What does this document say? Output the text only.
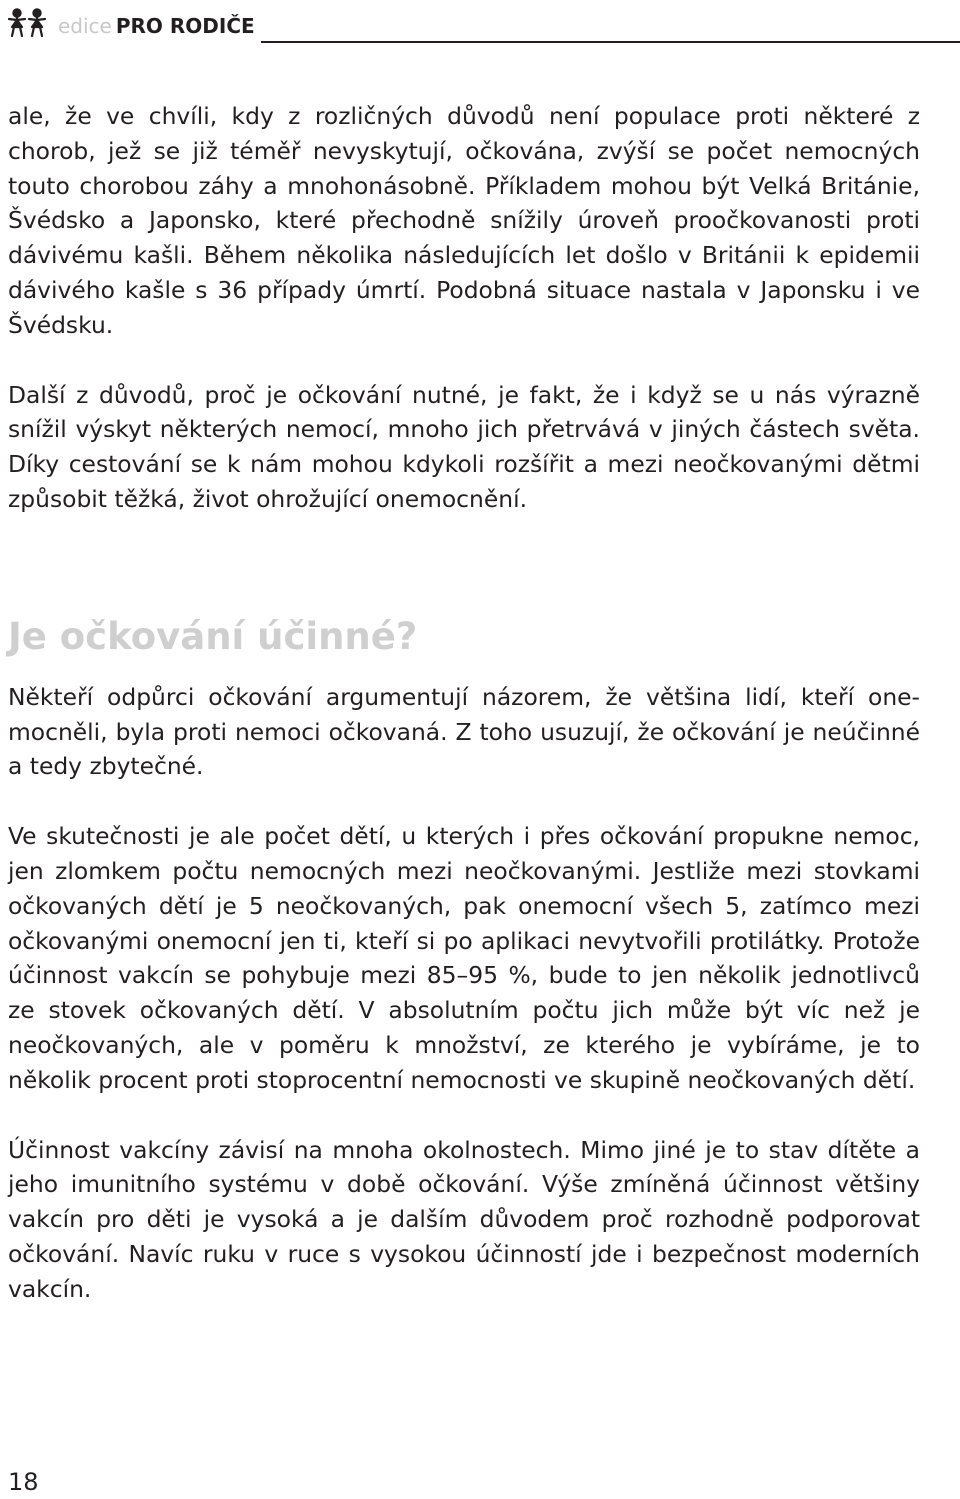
edice PRO RODIČE

ale, že ve chvíli, kdy z rozličných důvodů není populace proti některé z chorob, jež se již téměř nevyskytují, očkována, zvýší se počet nemocných touto chorobou záhy a mnohonásobně. Příkladem mohou být Velká Británie, Švédsko a Japonsko, které přechodně snížily úroveň proočkovanosti proti dávivému kašli. Během několika následujících let došlo v Británii k epidemii dávivého kašle s 36 případy úmrtí. Podobná situace nastala v Japonsku i ve Švédsku.

Další z důvodů, proč je očkování nutné, je fakt, že i když se u nás výrazně snížil výskyt některých nemocí, mnoho jich přetrvává v jiných částech světa. Díky cestování se k nám mohou kdykoli rozšířit a mezi neočkovanými dětmi způsobit těžká, život ohrožující onemocnění.

Je očkování účinné?

Někteří odpůrci očkování argumentují názorem, že většina lidí, kteří onemocněli, byla proti nemoci očkovaná. Z toho usuzují, že očkování je neúčinné a tedy zbytečné.

Ve skutečnosti je ale počet dětí, u kterých i přes očkování propukne nemoc, jen zlomkem počtu nemocných mezi neočkovanými. Jestliže mezi stovkami očkovaných dětí je 5 neočkovaných, pak onemocní všech 5, zatímco mezi očkovanými onemocní jen ti, kteří si po aplikaci nevytvořili protilátky. Protože účinnost vakcín se pohybuje mezi 85–95 %, bude to jen několik jednotlivců ze stovek očkovaných dětí. V absolutním počtu jich může být víc než je neočkovaných, ale v poměru k množství, ze kterého je vybíráme, je to několik procent proti stoprocentní nemocnosti ve skupině neočkovaných dětí.

Účinnost vakcíny závisí na mnoha okolnostech. Mimo jiné je to stav dítěte a jeho imunitního systému v době očkování. Výše zmíněná účinnost většiny vakcín pro děti je vysoká a je dalším důvodem proč rozhodně podporovat očkování. Navíc ruku v ruce s vysokou účinností jde i bezpečnost moderních vakcín.

18
